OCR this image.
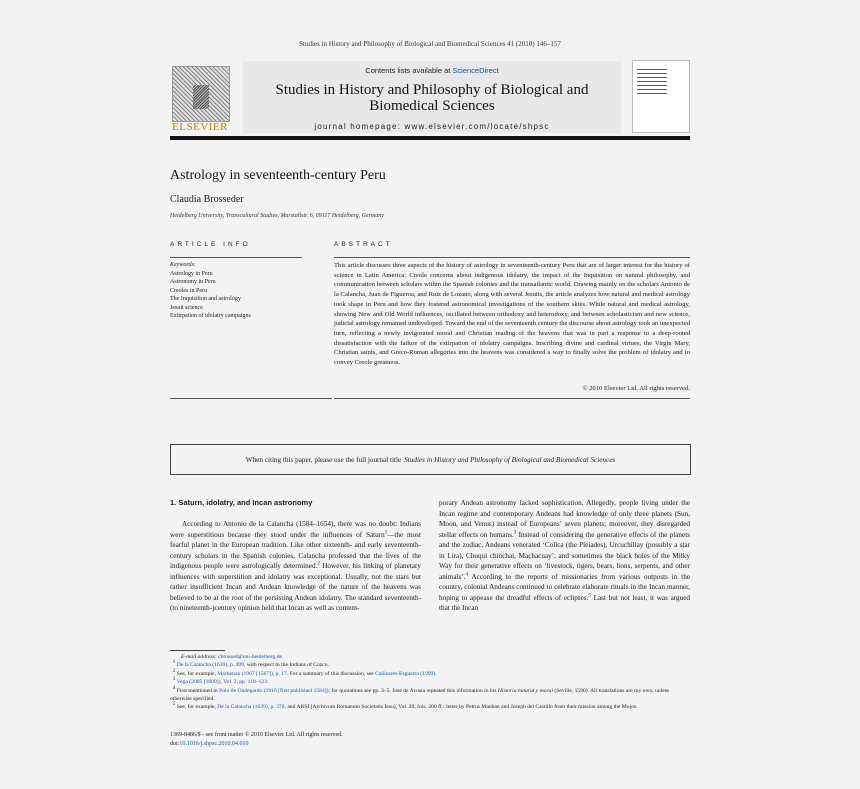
Studies in History and Philosophy of Biological and Biomedical Sciences 41 (2010) 146–157
ELSEVIER
Contents lists available at ScienceDirect
Studies in History and Philosophy of Biological and Biomedical Sciences
journal homepage: www.elsevier.com/locate/shpsc
Astrology in seventeenth-century Peru
Claudia Brosseder
Heidelberg University, Transcultural Studies, Marstallstr. 6, 69117 Heidelberg, Germany
ARTICLE INFO	ABSTRACT
Keywords:
Astrology in Peru
Astronomy in Peru
Creoles in Peru
The Inquisition and astrology
Jesuit science
Extirpation of idolatry campaigns
This article discusses three aspects of the history of astrology in seventeenth-century Peru that are of larger interest for the history of science in Latin America: Creole concerns about indigenous idolatry, the impact of the Inquisition on natural philosophy, and communication between scholars within the Spanish colonies and the transatlantic world. Drawing mainly on the scholars Antonio de la Calancha, Juan de Figueroa, and Ruiz de Lozano, along with several Jesuits, the article analyzes how natural and medical astrology took shape in Peru and how they fostered astronomical investigations of the southern skies. While natural and medical astrology, showing New and Old World influences, oscillated between orthodoxy and heterodoxy, and between scholasticism and new science, judicial astrology remained undeveloped. Toward the end of the seventeenth century the discourse about astrology took an unexpected turn, reflecting a newly invigorated moral and Christian reading of the heavens that was in part a response to a deep-rooted dissatisfaction with the failure of the extirpation of idolatry campaigns. Inscribing divine and cardinal virtues, the Virgin Mary, Christian saints, and Greco-Roman allegories into the heavens was considered a way to finally solve the problem of idolatry and to convey Creole greatness.
© 2010 Elsevier Ltd. All rights reserved.
When citing this paper, please use the full journal title Studies in History and Philosophy of Biological and Biomedical Sciences
1. Saturn, idolatry, and Incan astronomy
According to Antonio de la Calancha (1584–1654), there was no doubt: Indians were superstitious because they stood under the influences of Saturn$^1$—the most fearful planet in the European tradition. Like other sixteenth- and early seventeenth-century scholars in the Spanish colonies, Calancha professed that the lives of the indigenous people were astrologically determined.$^2$ However, his linking of planetary influences with superstition and idolatry was exceptional. Usually, not the stars but rather insufficient Incan and Andean knowledge of the nature of the heavens was believed to be at the root of the persisting Andean idolatry. The standard seventeenth- (to nineteenth-)century opinion held that Incan as well as contem-
porary Andean astronomy lacked sophistication. Allegedly, people living under the Incan regime and contemporary Andeans had knowledge of only three planets (Sun, Moon, and Venus) instead of Europeans’ seven planets; moreover, they disregarded stellar effects on humans.$^3$ Instead of considering the generative effects of the planets and the zodiac, Andeans venerated ‘Collca (the Pleiades), Urcuchillay (possibly a star in Lira), Chuqui chinchai, Machacuay’, and sometimes the black holes of the Milky Way for their generative effects on ‘livestock, tigers, bears, lions, serpents, and other animals’.$^4$ According to the reports of missionaries from various outposts in the country, colonial Andeans continued to celebrate elaborate rituals in the Incan manner, hoping to appease the dreadful effects of eclipses.$^5$ Last but not least, it was argued that the Incan

E-mail address: cbrossed@uni-heidelberg.de

$^1$ De la Calancha (1639), p. 499, with respect to the Indians of Cuzco.

$^2$ See, for example, Martienzo (1967 [1567]), p. 17. For a summary of this discussion, see Cañizares-Esguerra (1999).

$^3$ Vega (2005 [1609]), Vol. 2, pp. 118–123.

$^4$ First mentioned in Polo de Ondegardo (1916 [first published 1584]); for quotations see pp. 3–5. José de Acosta repeated this information in his Historia natural y moral (Seville, 1590). All translations are my own, unless otherwise specified.

$^5$ See, for example, De la Calancha (1639), p. 378, and ARSI [Archivum Romanum Societatis Iesu], Vol. 20, fols. 200 ff.: letter by Petrus Manhan and Joseph del Castillo from their mission among the Mojos.

1369-8486/$ - see front matter © 2010 Elsevier Ltd. All rights reserved.
doi:10.1016/j.shpsc.2010.04.010
